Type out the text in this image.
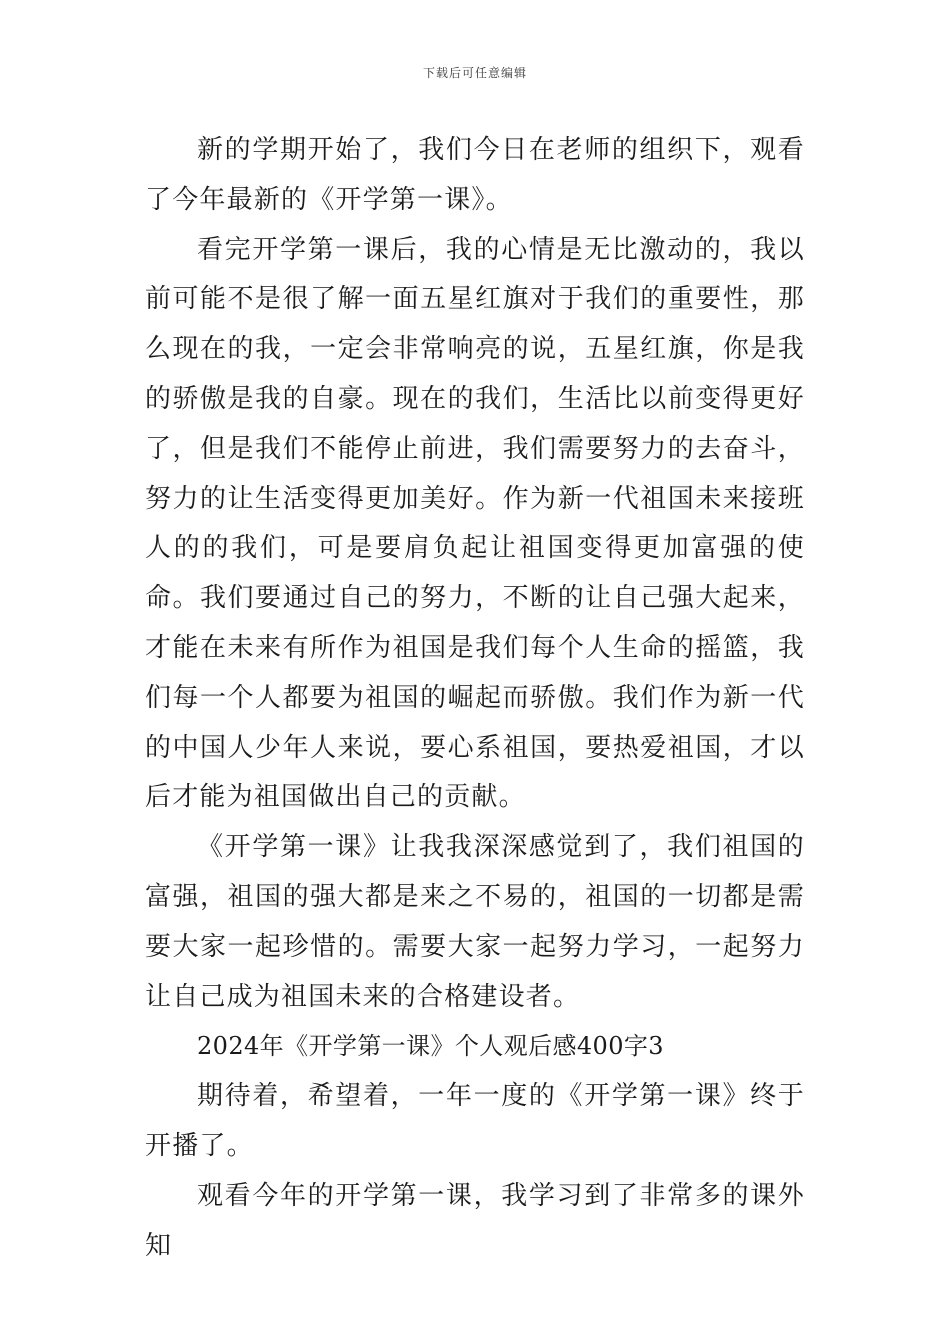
下载后可任意编辑

新的学期开始了，我们今日在老师的组织下，观看了今年最新的《开学第一课》。

看完开学第一课后，我的心情是无比激动的，我以前可能不是很了解一面五星红旗对于我们的重要性，那么现在的我，一定会非常响亮的说，五星红旗，你是我的骄傲是我的自豪。现在的我们，生活比以前变得更好了，但是我们不能停止前进，我们需要努力的去奋斗，努力的让生活变得更加美好。作为新一代祖国未来接班人的的我们，可是要肩负起让祖国变得更加富强的使命。我们要通过自己的努力，不断的让自己强大起来，才能在未来有所作为祖国是我们每个人生命的摇篮，我们每一个人都要为祖国的崛起而骄傲。我们作为新一代的中国人少年人来说，要心系祖国，要热爱祖国，才以后才能为祖国做出自己的贡献。

《开学第一课》让我我深深感觉到了，我们祖国的富强，祖国的强大都是来之不易的，祖国的一切都是需要大家一起珍惜的。需要大家一起努力学习，一起努力让自己成为祖国未来的合格建设者。

2024年《开学第一课》个人观后感400字3

期待着，希望着，一年一度的《开学第一课》终于开播了。

观看今年的开学第一课，我学习到了非常多的课外知
